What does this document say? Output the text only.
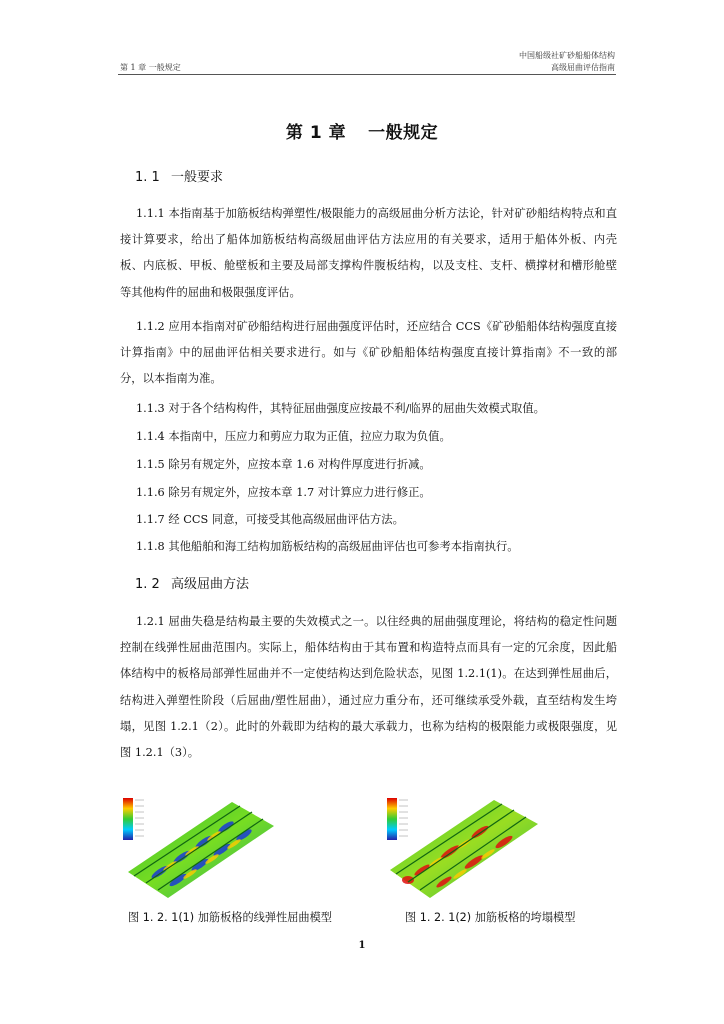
第 1 章 一般规定
中国船级社矿砂船船体结构
高级屈曲评估指南
第 1 章 一般规定
1. 1 一般要求
1.1.1 本指南基于加筋板结构弹塑性/极限能力的高级屈曲分析方法论，针对矿砂船结构特点和直接计算要求，给出了船体加筋板结构高级屈曲评估方法应用的有关要求，适用于船体外板、内壳板、内底板、甲板、舱壁板和主要及局部支撑构件腹板结构，以及支柱、支杆、横撑材和槽形舱壁等其他构件的屈曲和极限强度评估。
1.1.2 应用本指南对矿砂船结构进行屈曲强度评估时，还应结合 CCS《矿砂船船体结构强度直接计算指南》中的屈曲评估相关要求进行。如与《矿砂船船体结构强度直接计算指南》不一致的部分，以本指南为准。
1.1.3 对于各个结构构件，其特征屈曲强度应按最不利/临界的屈曲失效模式取值。
1.1.4 本指南中，压应力和剪应力取为正值，拉应力取为负值。
1.1.5 除另有规定外，应按本章 1.6 对构件厚度进行折减。
1.1.6 除另有规定外，应按本章 1.7 对计算应力进行修正。
1.1.7 经 CCS 同意，可接受其他高级屈曲评估方法。
1.1.8 其他船舶和海工结构加筋板结构的高级屈曲评估也可参考本指南执行。
1. 2 高级屈曲方法
1.2.1 屈曲失稳是结构最主要的失效模式之一。以往经典的屈曲强度理论，将结构的稳定性问题控制在线弹性屈曲范围内。实际上，船体结构由于其布置和构造特点而具有一定的冗余度，因此船体结构中的板格局部弹性屈曲并不一定使结构达到危险状态，见图 1.2.1(1)。在达到弹性屈曲后，结构进入弹塑性阶段（后屈曲/塑性屈曲），通过应力重分布，还可继续承受外载，直至结构发生垮塌，见图 1.2.1（2）。此时的外载即为结构的最大承载力，也称为结构的极限能力或极限强度，见图 1.2.1（3）。
图 1. 2. 1(1) 加筋板格的线弹性屈曲模型	图 1. 2. 1(2) 加筋板格的垮塌模型
1
